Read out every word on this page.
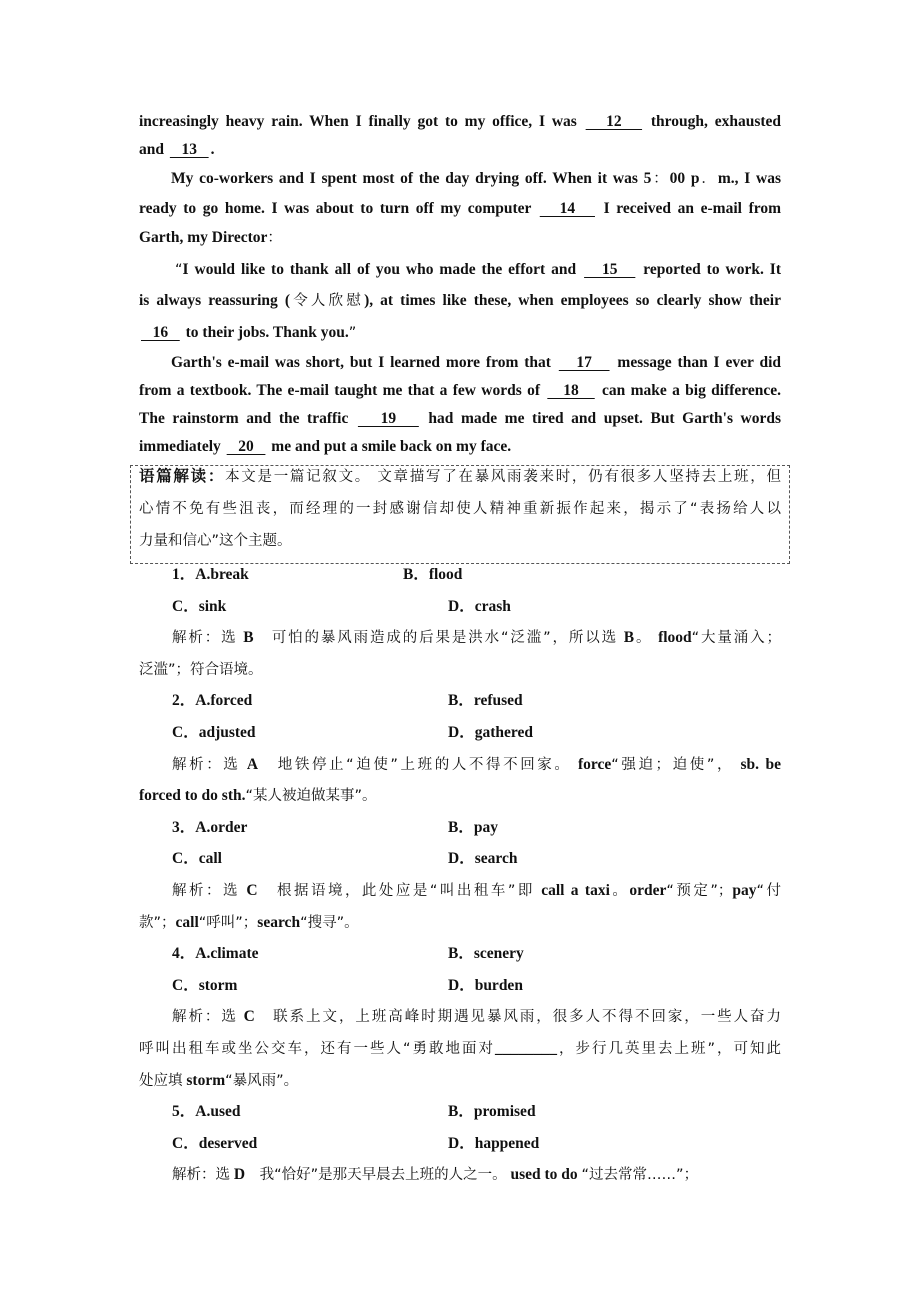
increasingly heavy rain. When I finally got to my office, I was    12    through, exhausted
and    13   .
My co-workers and I spent most of the day drying off. When it was 5：00 p．m., I was
ready to go home. I was about to turn off my computer    14    I received an e-mail from
Garth, my Director：
“I would like to thank all of you who made the effort and    15    reported to work. It
is always reassuring (令人欣慰), at times like these, when employees so clearly show their
16    to their jobs. Thank you.”
Garth's e-mail was short, but I learned more from that    17    message than I ever did
from a textbook. The e-mail taught me that a few words of    18    can make a big difference.
The rainstorm and the traffic    19    had made me tired and upset. But Garth's words
immediately    20    me and put a smile back on my face.
语篇解读：本文是一篇记叙文。 文章描写了在暴风雨袭来时，仍有很多人坚持去上班，但
心情不免有些沮丧，而经理的一封感谢信却使人精神重新振作起来，揭示了“表扬给人以
力量和信心”这个主题。
1．A.break	B．flood
C．sink	D．crash
解析：选 B　可怕的暴风雨造成的后果是洪水“泛滥”，所以选 B。 flood“大量涌入；
泛滥”；符合语境。
2．A.forced	B．refused
C．adjusted	D．gathered
解析：选 A　地铁停止“迫使”上班的人不得不回家。 force“强迫；迫使”， sb. be
forced to do sth.“某人被迫做某事”。
3．A.order	B．pay
C．call	D．search
解析：选 C　根据语境，此处应是“叫出租车”即 call a taxi。order“预定”；pay“付
款”；call“呼叫”；search“搜寻”。
4．A.climate	B．scenery
C．storm	D．burden
解析：选 C　联系上文，上班高峰时期遇见暴风雨，很多人不得不回家，一些人奋力
呼叫出租车或坐公交车，还有一些人“勇敢地面对________，步行几英里去上班”，可知此
处应填 storm“暴风雨”。
5．A.used	B．promised
C．deserved	D．happened
解析：选 D　我“恰好”是那天早晨去上班的人之一。 used to do “过去常常……”；
